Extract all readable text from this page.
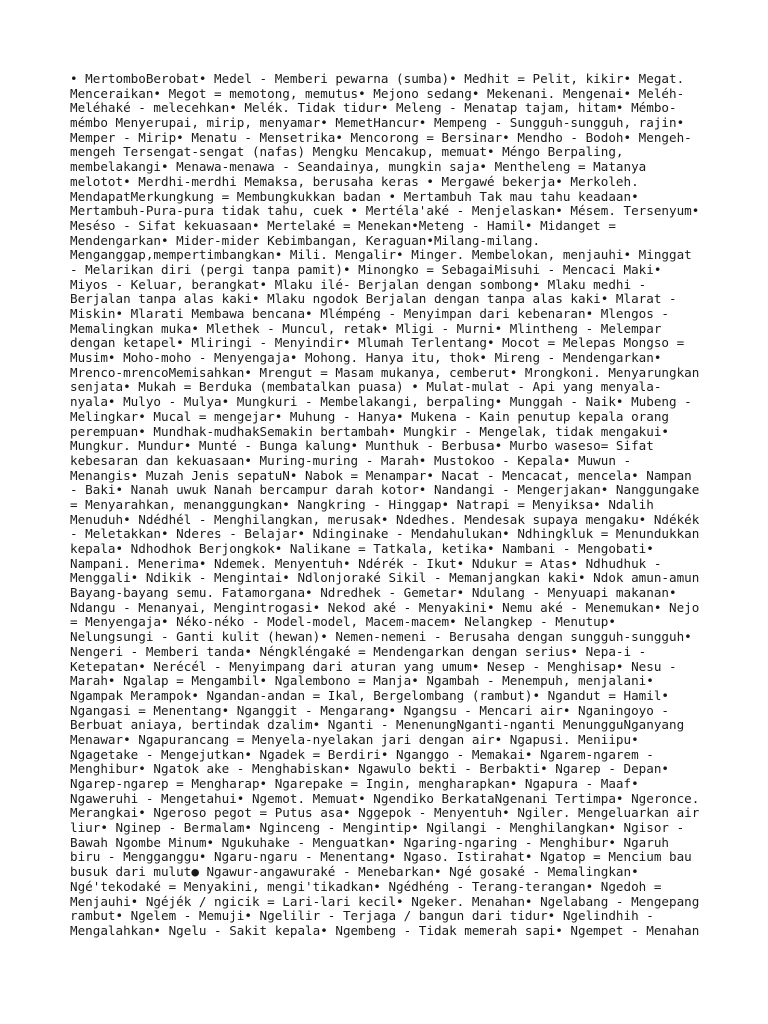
• MertomboBerobat• Medel - Memberi pewarna (sumba)• Medhit = Pelit, kikir• Megat.
Menceraikan• Megot = memotong, memutus• Mejono sedang• Mekenani. Mengenai• Meléh-
Meléhaké - melecehkan• Melék. Tidak tidur• Meleng - Menatap tajam, hitam• Mémbo-
mémbo Menyerupai, mirip, menyamar• MemetHancur• Mempeng - Sungguh-sungguh, rajin•
Memper - Mirip• Menatu - Mensetrika• Mencorong = Bersinar• Mendho - Bodoh• Mengeh-
mengeh Tersengat-sengat (nafas) Mengku Mencakup, memuat• Méngo Berpaling,
membelakangi• Menawa-menawa - Seandainya, mungkin saja• Mentheleng = Matanya
melotot• Merdhi-merdhi Memaksa, berusaha keras • Mergawé bekerja• Merkoleh.
MendapatMerkungkung = Membungkukkan badan • Mertambuh Tak mau tahu keadaan•
Mertambuh-Pura-pura tidak tahu, cuek • Mertéla'aké - Menjelaskan• Mésem. Tersenyum•
Meséso - Sifat kekuasaan• Mertelaké = Menekan•Meteng - Hamil• Midanget =
Mendengarkan• Mider-mider Kebimbangan, Keraguan•Milang-milang.
Menganggap,mempertimbangkan• Mili. Mengalir• Minger. Membelokan, menjauhi• Minggat
- Melarikan diri (pergi tanpa pamit)• Minongko = SebagaiMisuhi - Mencaci Maki•
Miyos - Keluar, berangkat• Mlaku ilé- Berjalan dengan sombong• Mlaku medhi -
Berjalan tanpa alas kaki• Mlaku ngodok Berjalan dengan tanpa alas kaki• Mlarat -
Miskin• Mlarati Membawa bencana• Mlémpéng - Menyimpan dari kebenaran• Mlengos -
Memalingkan muka• Mlethek - Muncul, retak• Mligi - Murni• Mlintheng - Melempar
dengan ketapel• Mliringi - Menyindir• Mlumah Terlentang• Mocot = Melepas Mongso =
Musim• Moho-moho - Menyengaja• Mohong. Hanya itu, thok• Mireng - Mendengarkan•
Mrenco-mrencoMemisahkan• Mrengut = Masam mukanya, cemberut• Mrongkoni. Menyarungkan
senjata• Mukah = Berduka (membatalkan puasa) • Mulat-mulat - Api yang menyala-
nyala• Mulyo - Mulya• Mungkuri - Membelakangi, berpaling• Munggah - Naik• Mubeng -
Melingkar• Mucal = mengejar• Muhung - Hanya• Mukena - Kain penutup kepala orang
perempuan• Mundhak-mudhakSemakin bertambah• Mungkir - Mengelak, tidak mengakui•
Mungkur. Mundur• Munté - Bunga kalung• Munthuk - Berbusa• Murbo waseso= Sifat
kebesaran dan kekuasaan• Muring-muring - Marah• Mustokoo - Kepala• Muwun -
Menangis• Muzah Jenis sepatuN• Nabok = Menampar• Nacat - Mencacat, mencela• Nampan
- Baki• Nanah uwuk Nanah bercampur darah kotor• Nandangi - Mengerjakan• Nanggungake
= Menyarahkan, menanggungkan• Nangkring - Hinggap• Natrapi = Menyiksa• Ndalih
Menuduh• Ndédhél - Menghilangkan, merusak• Ndedhes. Mendesak supaya mengaku• Ndékék
- Meletakkan• Nderes - Belajar• Ndinginake - Mendahulukan• Ndhingkluk = Menundukkan
kepala• Ndhodhok Berjongkok• Nalikane = Tatkala, ketika• Nambani - Mengobati•
Nampani. Menerima• Ndemek. Menyentuh• Ndérék - Ikut• Ndukur = Atas• Ndhudhuk -
Menggali• Ndikik - Mengintai• Ndlonjoraké Sikil - Memanjangkan kaki• Ndok amun-amun
Bayang-bayang semu. Fatamorgana• Ndredhek - Gemetar• Ndulang - Menyuapi makanan•
Ndangu - Menanyai, Mengintrogasi• Nekod aké - Menyakini• Nemu aké - Menemukan• Nejo
= Menyengaja• Néko-néko - Model-model, Macem-macem• Nelangkep - Menutup•
Nelungsungi - Ganti kulit (hewan)• Nemen-nemeni - Berusaha dengan sungguh-sungguh•
Nengeri - Memberi tanda• Néngkléngaké = Mendengarkan dengan serius• Nepa-i -
Ketepatan• Nerécél - Menyimpang dari aturan yang umum• Nesep - Menghisap• Nesu -
Marah• Ngalap = Mengambil• Ngalembono = Manja• Ngambah - Menempuh, menjalani•
Ngampak Merampok• Ngandan-andan = Ikal, Bergelombang (rambut)• Ngandut = Hamil•
Ngangasi = Menentang• Nganggit - Mengarang• Ngangsu - Mencari air• Nganingoyo -
Berbuat aniaya, bertindak dzalim• Nganti - MenenungNganti-nganti MenungguNganyang
Menawar• Ngapurancang = Menyela-nyelakan jari dengan air• Ngapusi. Meniipu•
Ngagetake - Mengejutkan• Ngadek = Berdiri• Nganggo - Memakai• Ngarem-ngarem -
Menghibur• Ngatok ake - Menghabiskan• Ngawulo bekti - Berbakti• Ngarep - Depan•
Ngarep-ngarep = Mengharap• Ngarepake = Ingin, mengharapkan• Ngapura - Maaf•
Ngaweruhi - Mengetahui• Ngemot. Memuat• Ngendiko BerkataNgenani Tertimpa• Ngeronce.
Merangkai• Ngeroso pegot = Putus asa• Nggepok - Menyentuh• Ngiler. Mengeluarkan air
liur• Nginep - Bermalam• Nginceng - Mengintip• Ngilangi - Menghilangkan• Ngisor -
Bawah Ngombe Minum• Ngukuhake - Menguatkan• Ngaring-ngaring - Menghibur• Ngaruh
biru - Mengganggu• Ngaru-ngaru - Menentang• Ngaso. Istirahat• Ngatop = Mencium bau
busuk dari mulut● Ngawur-angawuraké - Menebarkan• Ngé gosaké - Memalingkan•
Ngé'tekodaké = Menyakini, mengi'tikadkan• Ngédhéng - Terang-terangan• Ngedoh =
Menjauhi• Ngéjék / ngicik = Lari-lari kecil• Ngeker. Menahan• Ngelabang - Mengepang
rambut• Ngelem - Memuji• Ngelilir - Terjaga / bangun dari tidur• Ngelindhih -
Mengalahkan• Ngelu - Sakit kepala• Ngembeng - Tidak memerah sapi• Ngempet - Menahan
